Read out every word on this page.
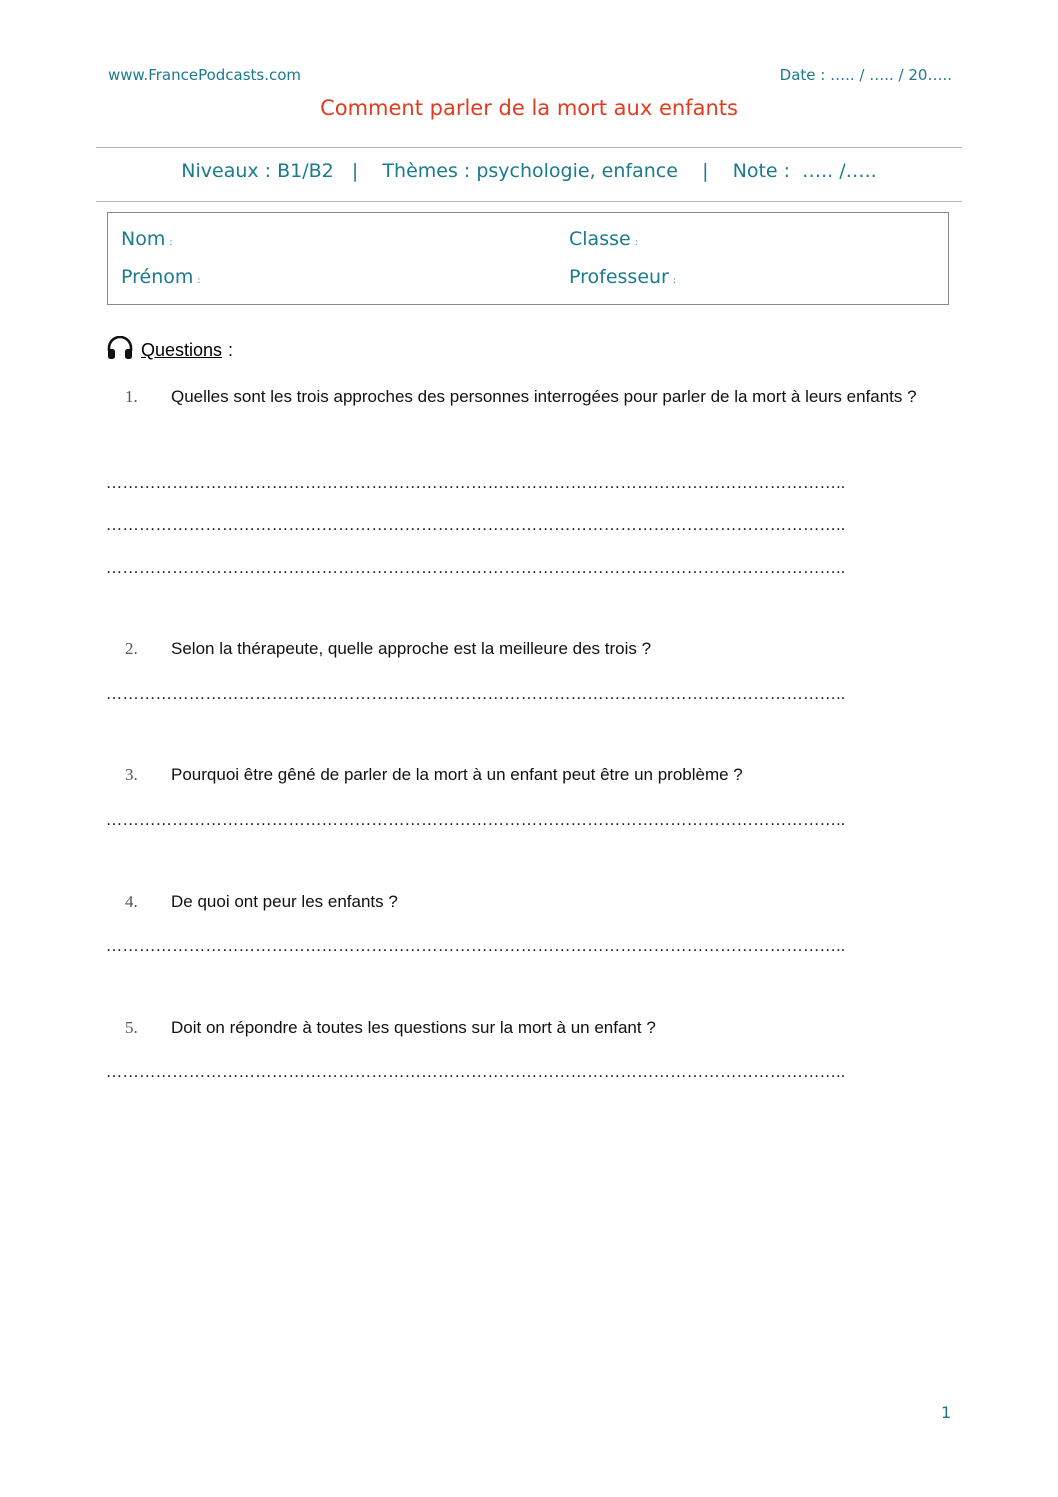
www.FrancePodcasts.com	Date : ….. / ….. / 20…..
Comment parler de la mort aux enfants
Niveaux : B1/B2   |    Thèmes : psychologie, enfance    |    Note :  ….. /…..
Nom :	Classe :
Prénom :	Professeur :
Questions :
1. Quelles sont les trois approches des personnes interrogées pour parler de la mort à leurs enfants ?
……………………………………………………………………………………………………………………..
……………………………………………………………………………………………………………………..
……………………………………………………………………………………………………………………..
2. Selon la thérapeute, quelle approche est la meilleure des trois ?
……………………………………………………………………………………………………………………..
3. Pourquoi être gêné de parler de la mort à un enfant peut être un problème ?
……………………………………………………………………………………………………………………..
4. De quoi ont peur les enfants ?
……………………………………………………………………………………………………………………..
5. Doit on répondre à toutes les questions sur la mort à un enfant ?
……………………………………………………………………………………………………………………..
1
